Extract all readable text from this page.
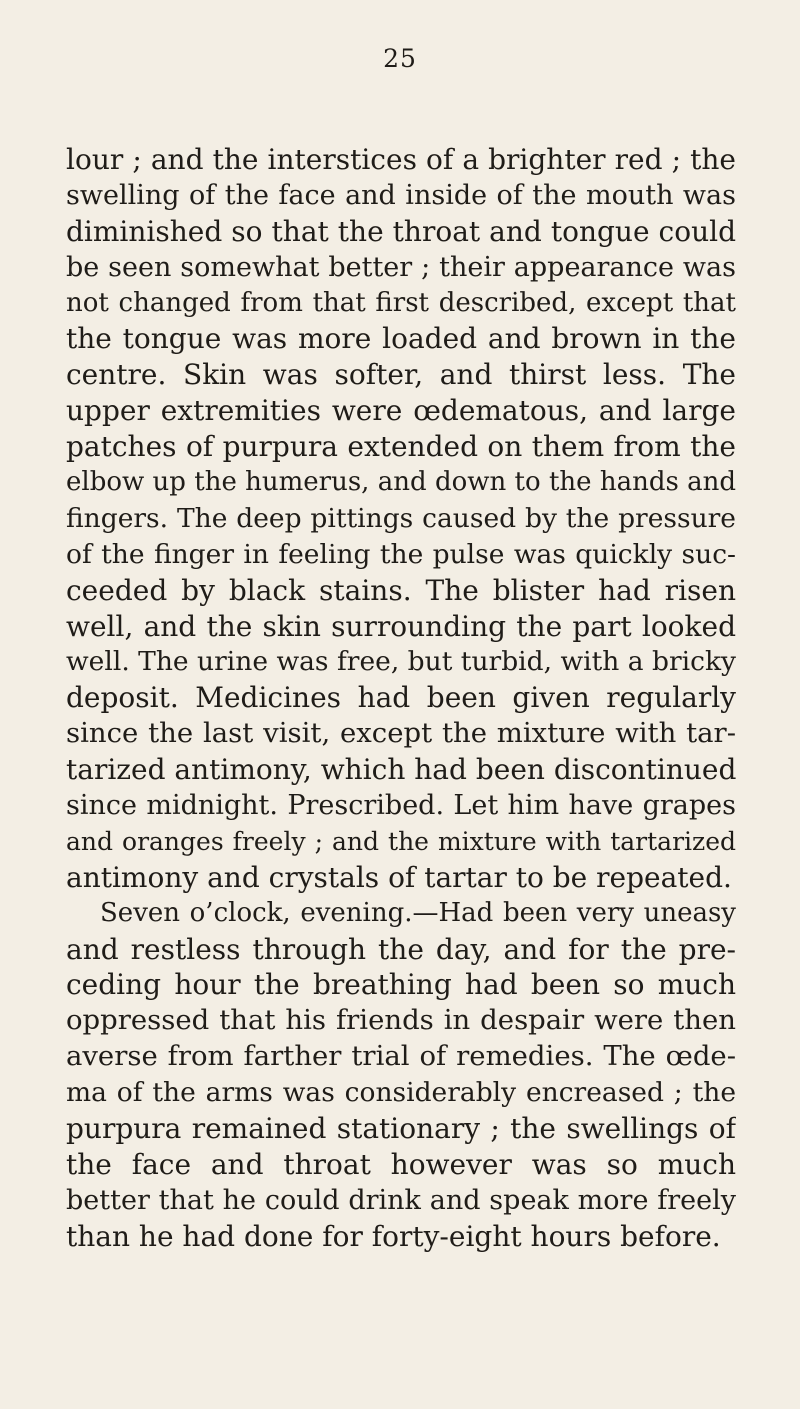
25
lour ; and the interstices of a brighter red ; the
swelling of the face and inside of the mouth was
diminished so that the throat and tongue could
be seen somewhat better ; their appearance was
not changed from that first described, except that
the tongue was more loaded and brown in the
centre. Skin was softer, and thirst less. The
upper extremities were œdematous, and large
patches of purpura extended on them from the
elbow up the humerus, and down to the hands and
fingers. The deep pittings caused by the pressure
of the finger in feeling the pulse was quickly suc-
ceeded by black stains. The blister had risen
well, and the skin surrounding the part looked
well. The urine was free, but turbid, with a bricky
deposit. Medicines had been given regularly
since the last visit, except the mixture with tar-
tarized antimony, which had been discontinued
since midnight. Prescribed. Let him have grapes
and oranges freely ; and the mixture with tartarized
antimony and crystals of tartar to be repeated.
Seven o’clock, evening.—Had been very uneasy
and restless through the day, and for the pre-
ceding hour the breathing had been so much
oppressed that his friends in despair were then
averse from farther trial of remedies. The œde-
ma of the arms was considerably encreased ; the
purpura remained stationary ; the swellings of
the face and throat however was so much
better that he could drink and speak more freely
than he had done for forty-eight hours before.
